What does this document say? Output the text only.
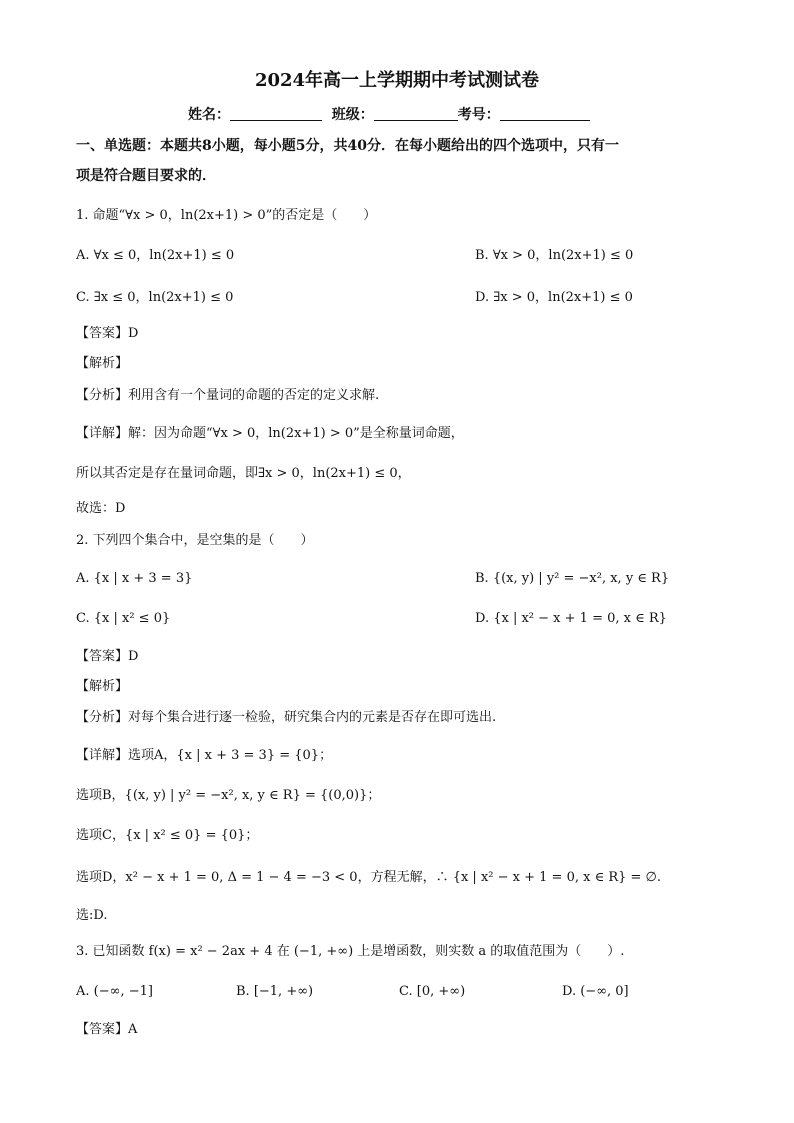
2024年高一上学期期中考试测试卷
姓名：	班级：	考号：
一、单选题：本题共8小题，每小题5分，共40分．在每小题给出的四个选项中，只有一
项是符合题目要求的．
1. 命题“∀x > 0，ln(2x+1) > 0”的否定是（　　）
A. ∀x ≤ 0，ln(2x+1) ≤ 0	B. ∀x > 0，ln(2x+1) ≤ 0
C. ∃x ≤ 0，ln(2x+1) ≤ 0	D. ∃x > 0，ln(2x+1) ≤ 0
【答案】D
【解析】
【分析】利用含有一个量词的命题的否定的定义求解.
【详解】解：因为命题“∀x > 0，ln(2x+1) > 0”是全称量词命题，
所以其否定是存在量词命题，即∃x > 0，ln(2x+1) ≤ 0，
故选：D
2. 下列四个集合中，是空集的是（　　）
A. {x | x + 3 = 3}	B. {(x, y) | y² = −x², x, y ∈ R}
C. {x | x² ≤ 0}	D. {x | x² − x + 1 = 0, x ∈ R}
【答案】D
【解析】
【分析】对每个集合进行逐一检验，研究集合内的元素是否存在即可选出.
【详解】选项A，{x | x + 3 = 3} = {0}；
选项B，{(x, y) | y² = −x², x, y ∈ R} = {(0,0)}；
选项C，{x | x² ≤ 0} = {0}；
选项D，x² − x + 1 = 0, Δ = 1 − 4 = −3 < 0，方程无解，∴ {x | x² − x + 1 = 0, x ∈ R} = ∅.
选:D.
3. 已知函数 f(x) = x² − 2ax + 4 在 (−1, +∞) 上是增函数，则实数 a 的取值范围为（　　）.
A. (−∞, −1]	B. [−1, +∞)	C. [0, +∞)	D. (−∞, 0]
【答案】A
